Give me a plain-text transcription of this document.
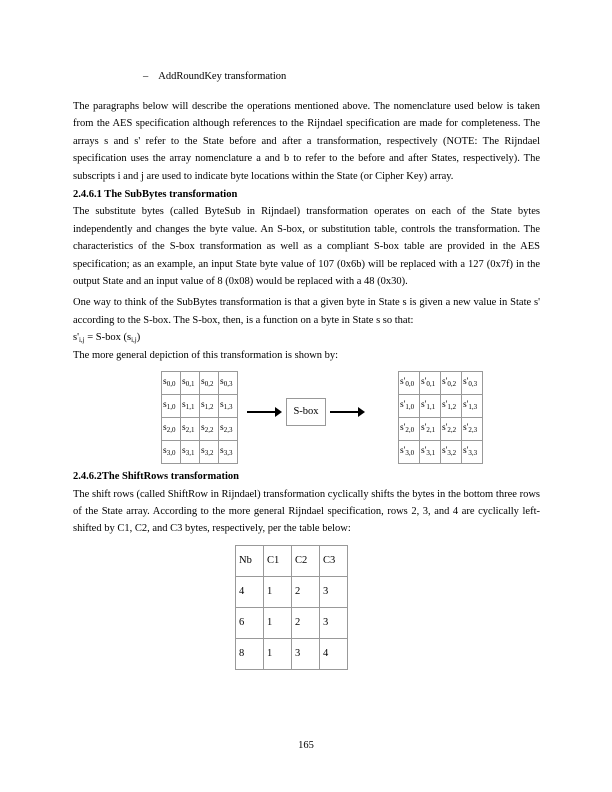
– AddRoundKey transformation

The paragraphs below will describe the operations mentioned above. The nomenclature used below is taken from the AES specification although references to the Rijndael specification are made for completeness. The arrays s and s' refer to the State before and after a transformation, respectively (NOTE: The Rijndael specification uses the array nomenclature a and b to refer to the before and after States, respectively). The subscripts i and j are used to indicate byte locations within the State (or Cipher Key) array.

2.4.6.1 The SubBytes transformation

The substitute bytes (called ByteSub in Rijndael) transformation operates on each of the State bytes independently and changes the byte value. An S-box, or substitution table, controls the transformation. The characteristics of the S-box transformation as well as a compliant S-box table are provided in the AES specification; as an example, an input State byte value of 107 (0x6b) will be replaced with a 127 (0x7f) in the output State and an input value of 8 (0x08) would be replaced with a 48 (0x30).

One way to think of the SubBytes transformation is that a given byte in State s is given a new value in State s' according to the S-box. The S-box, then, is a function on a byte in State s so that:

$s'_{i,j} = S-box$ $(s_{i,j})$

The more general depiction of this transformation is shown by:

$s_{0,0}$	$s_{0,1}$	$s_{0,2}$	$s_{0,3}$
$s_{1,0}$	$s_{1,1}$	$s_{1,2}$	$s_{1,3}$
$s_{2,0}$	$s_{2,1}$	$s_{2,2}$	$s_{2,3}$
$s_{3,0}$	$s_{3,1}$	$s_{3,2}$	$s_{3,3}$
S-box
$s'_{0,0}$	$s'_{0,1}$	$s'_{0,2}$	$s'_{0,3}$
$s'_{1,0}$	$s'_{1,1}$	$s'_{1,2}$	$s'_{1,3}$
$s'_{2,0}$	$s'_{2,1}$	$s'_{2,2}$	$s'_{2,3}$
$s'_{3,0}$	$s'_{3,1}$	$s'_{3,2}$	$s'_{3,3}$

2.4.6.2The ShiftRows transformation

The shift rows (called ShiftRow in Rijndael) transformation cyclically shifts the bytes in the bottom three rows of the State array. According to the more general Rijndael specification, rows 2, 3, and 4 are cyclically left-shifted by C1, C2, and C3 bytes, respectively, per the table below:

Nb	C1	C2	C3
4	1	2	3
6	1	2	3
8	1	3	4
165
